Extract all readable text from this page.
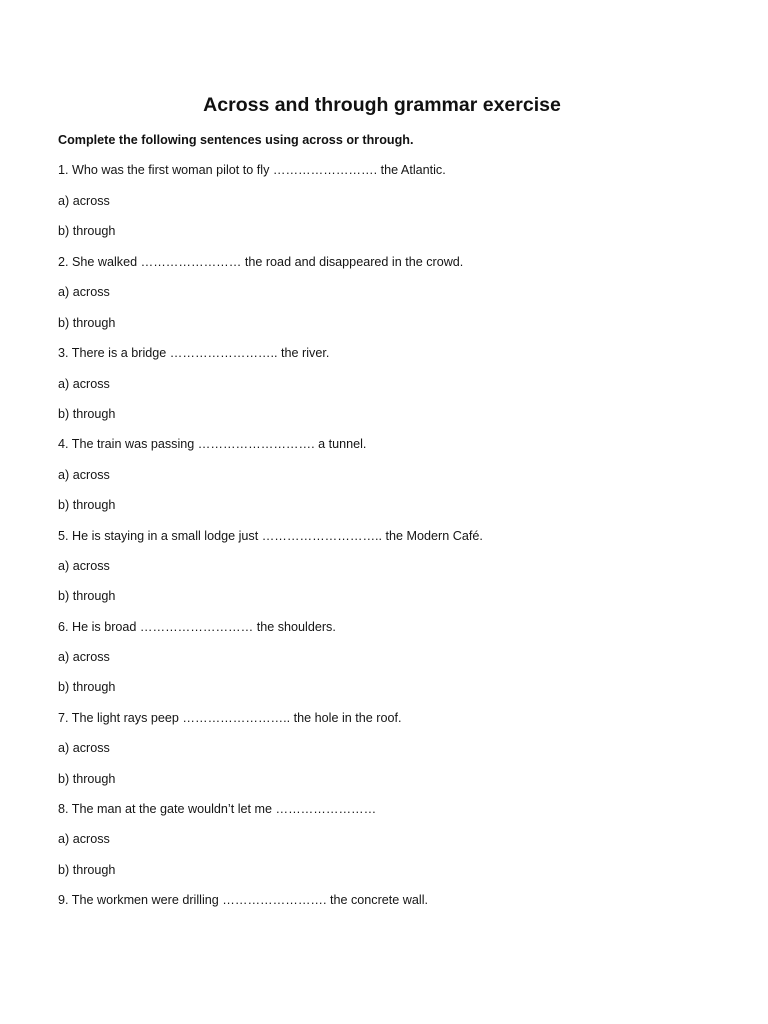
Across and through grammar exercise
Complete the following sentences using across or through.
1. Who was the first woman pilot to fly ……………………. the Atlantic.
a) across
b) through
2. She walked …………………… the road and disappeared in the crowd.
a) across
b) through
3. There is a bridge …………………….. the river.
a) across
b) through
4. The train was passing ………………………. a tunnel.
a) across
b) through
5. He is staying in a small lodge just ……………………….. the Modern Café.
a) across
b) through
6. He is broad ……………………… the shoulders.
a) across
b) through
7. The light rays peep …………………….. the hole in the roof.
a) across
b) through
8. The man at the gate wouldn’t let me ……………………
a) across
b) through
9. The workmen were drilling ……………………. the concrete wall.
